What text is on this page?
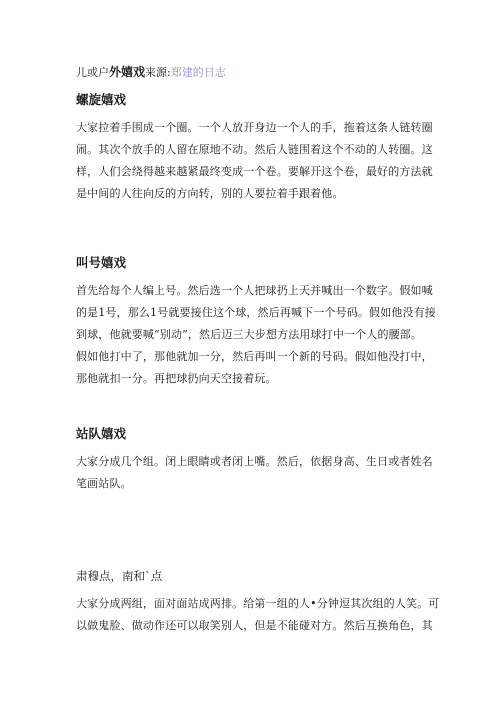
儿或户外嬉戏来源:郑建的日志
螺旋嬉戏
大家拉着手围成一个圈。一个人放开身边一个人的手，拖着这条人链转圈
闹。其次个放手的人留在原地不动。然后人链围着这个不动的人转圈。这
样，人们会绕得越来越紧最终变成一个卷。要解开这个卷，最好的方法就
是中间的人往向反的方向转，别的人要拉着手跟着他。
叫号嬉戏
首先给每个人编上号。然后选一个人把球扔上天并喊出一个数字。假如喊
的是1号，那么1号就要接住这个球，然后再喊下一个号码。假如他没有接
到球，他就要喊“别动”，然后迈三大步想方法用球打中一个人的腰部。
假如他打中了，那他就加一分，然后再叫一个新的号码。假如他没打中，
那他就扣一分。再把球扔向天空接着玩。
站队嬉戏
大家分成几个组。闭上眼睛或者闭上嘴。然后，依据身高、生日或者姓名
笔画站队。
肃穆点，南和`点
大家分成两组，面对面站成两排。给第一组的人•分钟逗其次组的人笑。可
以做鬼脸、做动作还可以取笑别人，但是不能碰对方。然后互换角色，其
